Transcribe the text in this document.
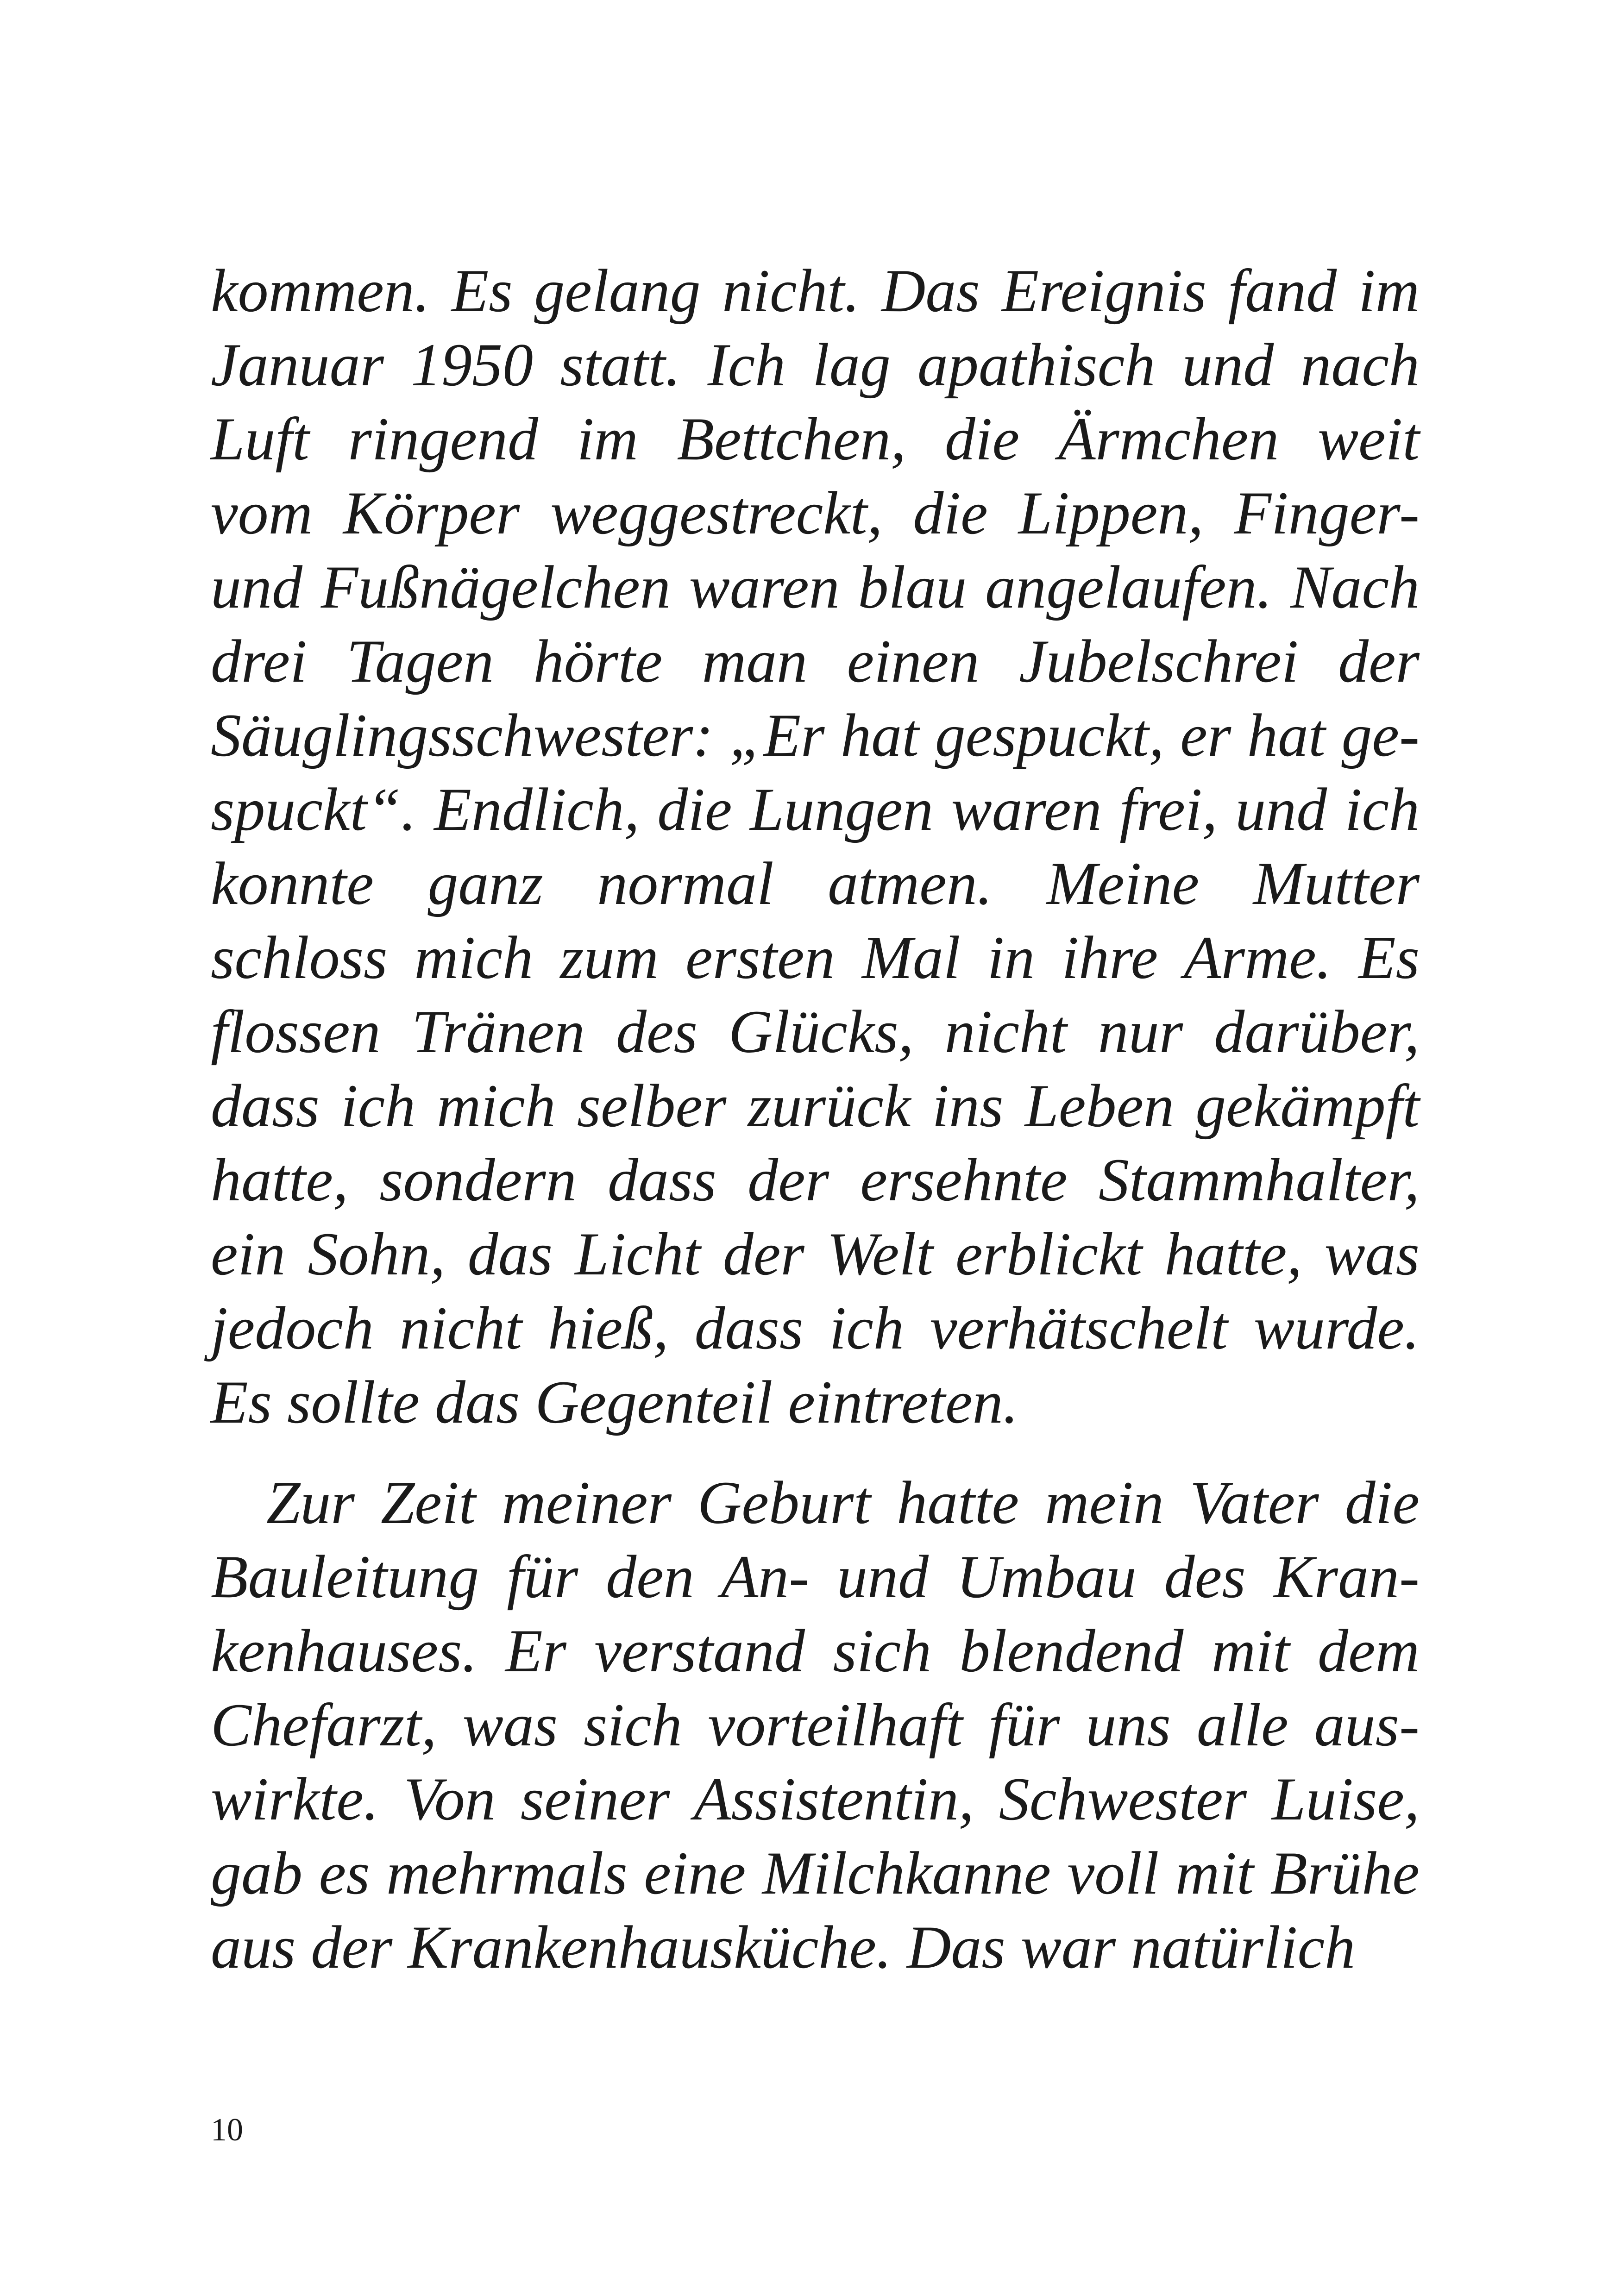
kommen. Es gelang nicht. Das Ereignis fand im
Januar 1950 statt. Ich lag apathisch und nach
Luft ringend im Bettchen, die Ärmchen weit
vom Körper weggestreckt, die Lippen, Finger-
und Fußnägelchen waren blau angelaufen. Nach
drei Tagen hörte man einen Jubelschrei der
Säuglingsschwester: „Er hat gespuckt, er hat ge-
spuckt“. Endlich, die Lungen waren frei, und ich
konnte ganz normal atmen. Meine Mutter
schloss mich zum ersten Mal in ihre Arme. Es
flossen Tränen des Glücks, nicht nur darüber,
dass ich mich selber zurück ins Leben gekämpft
hatte, sondern dass der ersehnte Stammhalter,
ein Sohn, das Licht der Welt erblickt hatte, was
jedoch nicht hieß, dass ich verhätschelt wurde.
Es sollte das Gegenteil eintreten.
Zur Zeit meiner Geburt hatte mein Vater die
Bauleitung für den An- und Umbau des Kran-
kenhauses. Er verstand sich blendend mit dem
Chefarzt, was sich vorteilhaft für uns alle aus-
wirkte. Von seiner Assistentin, Schwester Luise,
gab es mehrmals eine Milchkanne voll mit Brühe
aus der Krankenhausküche. Das war natürlich
10
